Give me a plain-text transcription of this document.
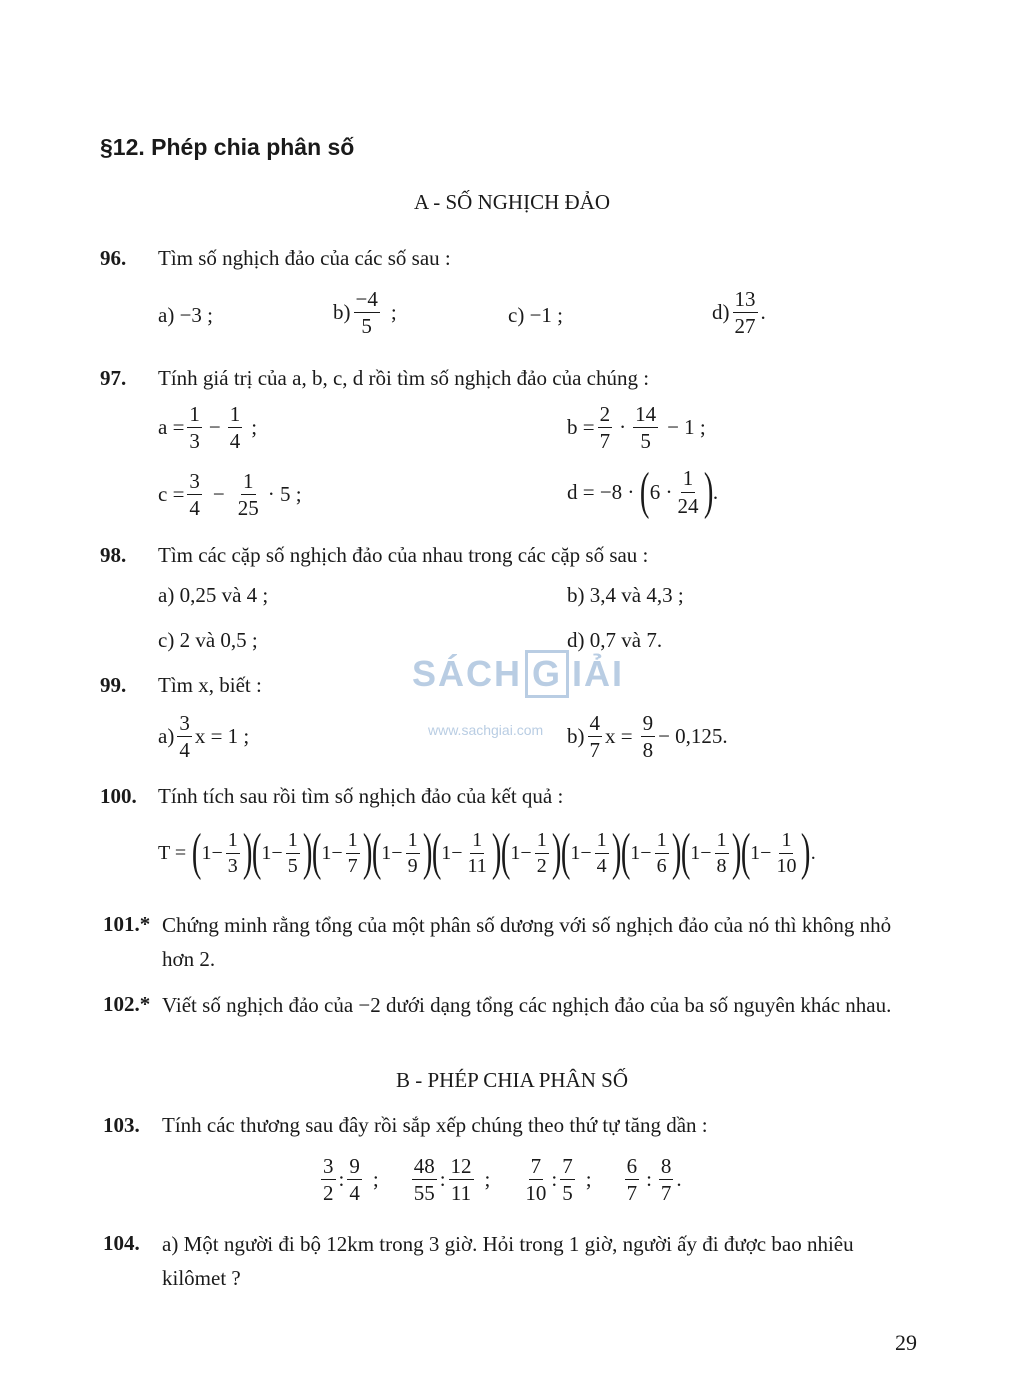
§12. Phép chia phân số
A - SỐ NGHỊCH ĐẢO
96. Tìm số nghịch đảo của các số sau :
a) −3 ;	$b) \frac{-4}{5}$ ;	c) −1 ;	$d) \frac{13}{27}$ .
97. Tính giá trị của a, b, c, d rồi tìm số nghịch đảo của chúng :
$a = \frac{1}{3} - \frac{1}{4}$ ;	$b = \frac{2}{7} \cdot \frac{14}{5} - 1$ ;
$c = \frac{3}{4} - \frac{1}{25} \cdot 5$ ;	d = −8 · ( $6 \cdot \frac{1}{24}$ ) .
98. Tìm các cặp số nghịch đảo của nhau trong các cặp số sau :
a) 0,25 và 4 ;	b) 3,4 và 4,3 ;
c) 2 và 0,5 ;	d) 0,7 và 7.
SÁCH G IẢI
www.sachgiai.com
99. Tìm x, biết :
$a) \frac{3}{4}$ x = 1 ;	$b) \frac{4}{7}$ $x = \frac{9}{8} - 0,125$.
100. Tính tích sau rồi tìm số nghịch đảo của kết quả :
T = ( $1- \frac{1}{3}$ ) ( $1- \frac{1}{5}$ ) ( $1- \frac{1}{7}$ ) ( $1- \frac{1}{9}$ ) ( $1- \frac{1}{11}$ ) ( $1- \frac{1}{2}$ ) ( $1- \frac{1}{4}$ ) ( $1- \frac{1}{6}$ ) ( $1- \frac{1}{8}$ ) ( $1- \frac{1}{10}$ ) .
101.* Chứng minh rằng tổng của một phân số dương với số nghịch đảo của nó thì không nhỏ hơn 2.
102.* Viết số nghịch đảo của −2 dưới dạng tổng các nghịch đảo của ba số nguyên khác nhau.
B - PHÉP CHIA PHÂN SỐ
103. Tính các thương sau đây rồi sắp xếp chúng theo thứ tự tăng dần :
$\frac{3}{2}$ : $\frac{9}{4}$ ; $\frac{48}{55}$ : $\frac{12}{11}$ ; $\frac{7}{10}$ : $\frac{7}{5}$ ; $\frac{6}{7}$ : $\frac{8}{7}$ .
104. a) Một người đi bộ 12km trong 3 giờ. Hỏi trong 1 giờ, người ấy đi được bao nhiêu kilômet ?
29
